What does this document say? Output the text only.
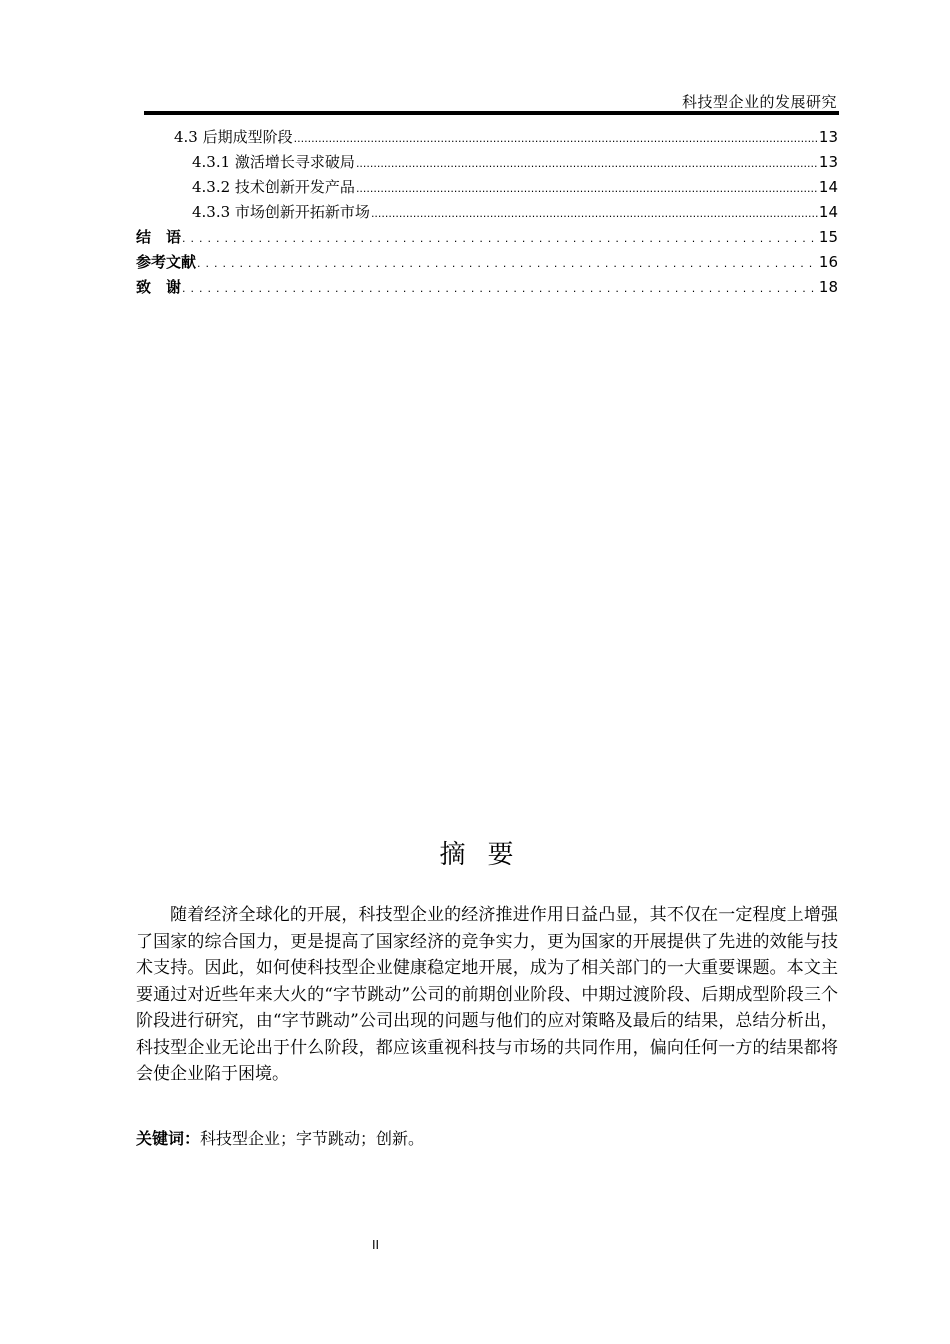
科技型企业的发展研究
4.3 后期成型阶段 .....	13
4.3.1 激活增长寻求破局 .....	13
4.3.2 技术创新开发产品 .....	14
4.3.3 市场创新开拓新市场 .....	14
结　语 .....	15
参考文献 .....	16
致　谢 .....	18
摘要

随着经济全球化的开展，科技型企业的经济推进作用日益凸显，其不仅在一定程度上增强了国家的综合国力，更是提高了国家经济的竞争实力，更为国家的开展提供了先进的效能与技术支持。因此，如何使科技型企业健康稳定地开展，成为了相关部门的一大重要课题。本文主要通过对近些年来大火的“字节跳动”公司的前期创业阶段、中期过渡阶段、后期成型阶段三个阶段进行研究，由“字节跳动”公司出现的问题与他们的应对策略及最后的结果，总结分析出，科技型企业无论出于什么阶段，都应该重视科技与市场的共同作用，偏向任何一方的结果都将会使企业陷于困境。

关键词：科技型企业；字节跳动；创新。
II
